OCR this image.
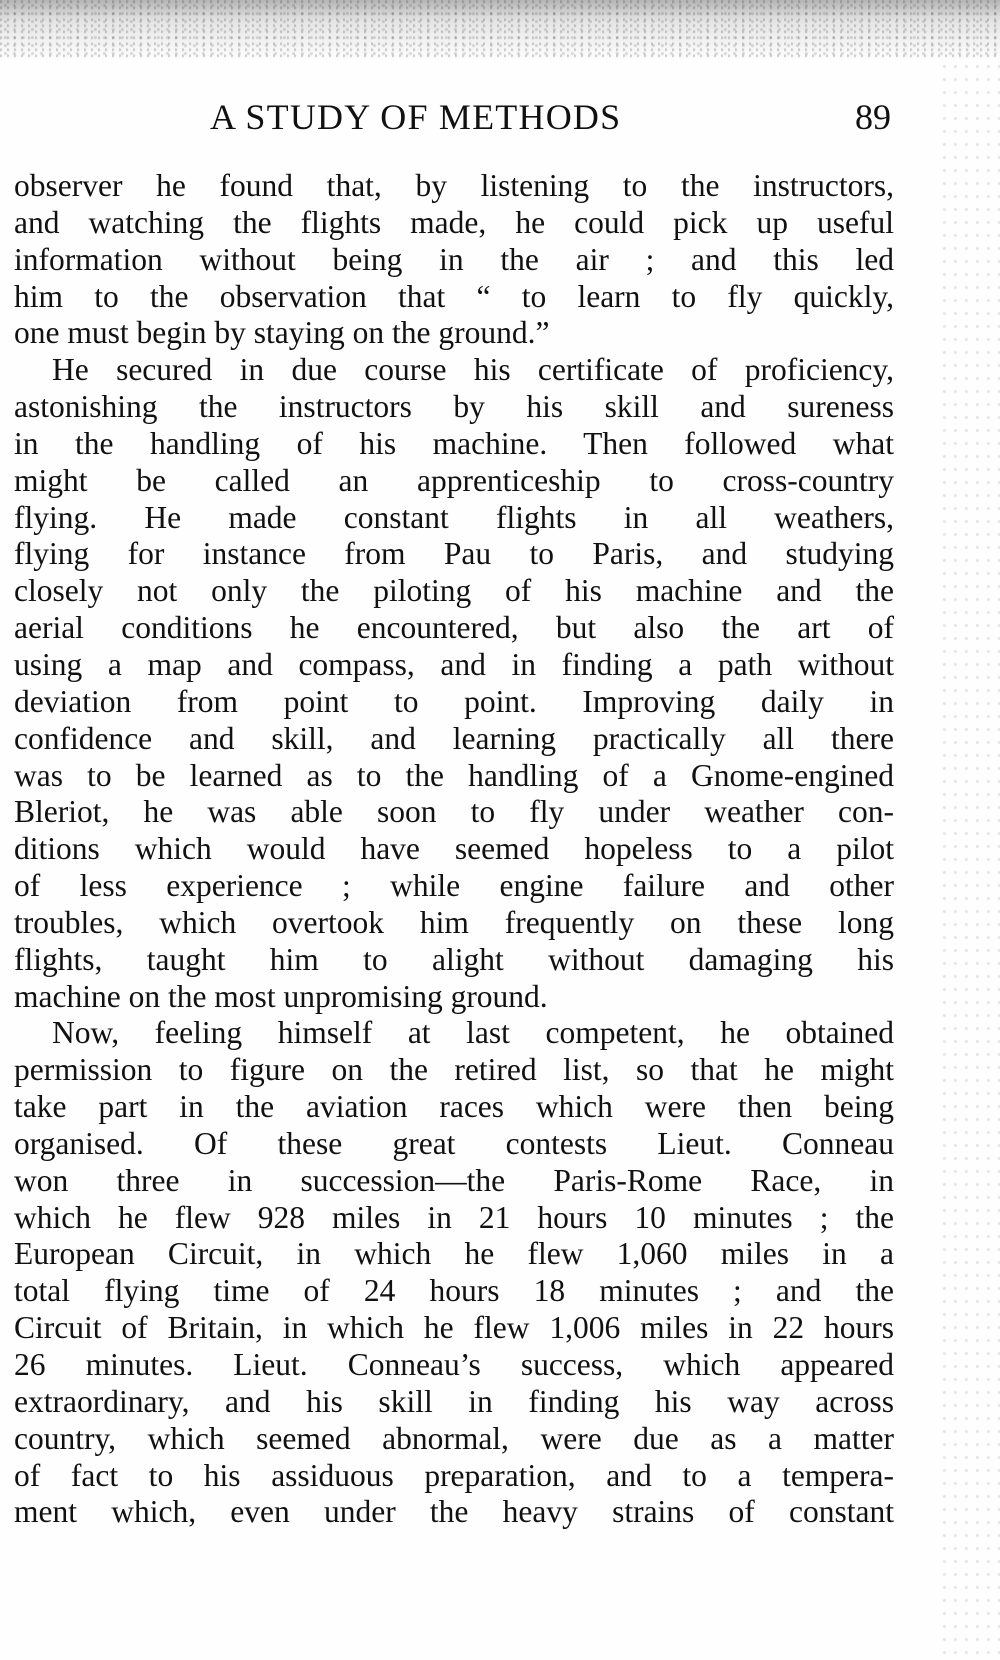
A STUDY OF METHODS	89
observer he found that, by listening to the instructors,
and watching the flights made, he could pick up useful
information without being in the air ; and this led
him to the observation that “ to learn to fly quickly,
one must begin by staying on the ground.”
He secured in due course his certificate of proficiency,
astonishing the instructors by his skill and sureness
in the handling of his machine. Then followed what
might be called an apprenticeship to cross-country
flying. He made constant flights in all weathers,
flying for instance from Pau to Paris, and studying
closely not only the piloting of his machine and the
aerial conditions he encountered, but also the art of
using a map and compass, and in finding a path without
deviation from point to point. Improving daily in
confidence and skill, and learning practically all there
was to be learned as to the handling of a Gnome-engined
Bleriot, he was able soon to fly under weather con-
ditions which would have seemed hopeless to a pilot
of less experience ; while engine failure and other
troubles, which overtook him frequently on these long
flights, taught him to alight without damaging his
machine on the most unpromising ground.
Now, feeling himself at last competent, he obtained
permission to figure on the retired list, so that he might
take part in the aviation races which were then being
organised. Of these great contests Lieut. Conneau
won three in succession—the Paris-Rome Race, in
which he flew 928 miles in 21 hours 10 minutes ; the
European Circuit, in which he flew 1,060 miles in a
total flying time of 24 hours 18 minutes ; and the
Circuit of Britain, in which he flew 1,006 miles in 22 hours
26 minutes. Lieut. Conneau’s success, which appeared
extraordinary, and his skill in finding his way across
country, which seemed abnormal, were due as a matter
of fact to his assiduous preparation, and to a tempera-
ment which, even under the heavy strains of constant
